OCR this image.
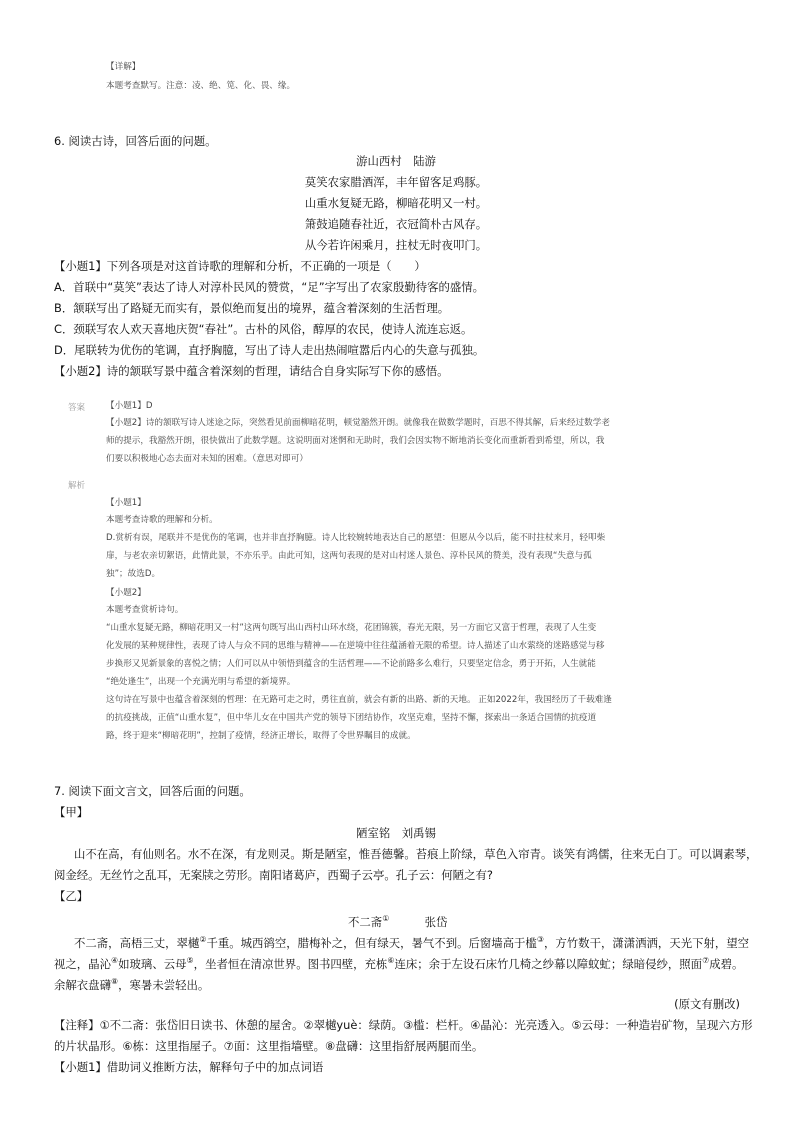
【详解】
本题考查默写。注意：凌、绝、笕、化、畏、缘。
6. 阅读古诗，回答后面的问题。
游山西村　陆游
莫笑农家腊酒浑，丰年留客足鸡豚。
山重水复疑无路，柳暗花明又一村。
箫鼓追随春社近，衣冠简朴古风存。
从今若许闲乘月，拄杖无时夜叩门。
【小题1】下列各项是对这首诗歌的理解和分析，不正确的一项是（　　）
A．首联中“莫笑”表达了诗人对淳朴民风的赞赏，“足”字写出了农家殷勤待客的盛情。
B．颔联写出了路疑无而实有，景似绝而复出的境界，蕴含着深刻的生活哲理。
C．颈联写农人欢天喜地庆贺“春社”。古朴的风俗，醇厚的农民，使诗人流连忘返。
D．尾联转为优伤的笔调，直抒胸臆，写出了诗人走出热闹喧嚣后内心的失意与孤独。
【小题2】诗的颔联写景中蕴含着深刻的哲理，请结合自身实际写下你的感悟。
答案 【小题1】D
【小题2】诗的颔联写诗人迷途之际，突然看见前面柳暗花明，顿觉豁然开朗。就像我在做数学题时，百思不得其解，后来经过数学老
师的提示，我豁然开朗，很快做出了此数学题。这说明面对迷惘和无助时，我们会因实物不断地消长变化而重新看到希望，所以，我
们要以积极地心态去面对未知的困难。（意思对即可）
解析
【小题1】
本题考查诗歌的理解和分析。
D.赏析有误，尾联并不是优伤的笔调，也并非直抒胸臆。诗人比较婉转地表达自己的愿望：但愿从今以后，能不时拄杖来月，轻叩柴
扉，与老农亲切絮语，此情此景，不亦乐乎。由此可知，这两句表现的是对山村迷人景色、淳朴民风的赞美，没有表现“失意与孤
独”；故选D。
【小题2】
本题考查赏析诗句。
“山重水复疑无路，柳暗花明又一村”这两句既写出山西村山环水绕，花团锦簇，春光无限，另一方面它又富于哲理，表现了人生变
化发展的某种规律性，表现了诗人与众不同的思维与精神——在逆境中往往蕴涵着无限的希望。诗人描述了山水萦绕的迷路感觉与移
步换形又见新景象的喜悦之情；人们可以从中领悟到蕴含的生活哲理——不论前路多么难行，只要坚定信念，勇于开拓，人生就能
“绝处逢生”，出现一个充满光明与希望的新境界。
这句诗在写景中也蕴含着深刻的哲理：在无路可走之时，勇往直前，就会有新的出路、新的天地。 正如2022年，我国经历了千载难逢
的抗疫挑战，正值“山重水复”，但中华儿女在中国共产党的领导下团结协作，攻坚克难，坚持不懈，探索出一条适合国情的抗疫道
路，终于迎来“柳暗花明”，控制了疫情，经济正增长，取得了令世界瞩目的成就。
7. 阅读下面文言文，回答后面的问题。
【甲】
陋室铭　刘禹锡
山不在高，有仙则名。水不在深，有龙则灵。斯是陋室，惟吾德馨。苔痕上阶绿，草色入帘青。谈笑有鸿儒，往来无白丁。可以调素琴，
阅金经。无丝竹之乱耳，无案牍之劳形。南阳诸葛庐，西蜀子云亭。孔子云：何陋之有?
【乙】
不二斋①	张岱
不二斋，高梧三丈，翠樾②千重。城西鹆空，腊梅补之，但有绿天，暑气不到。后窗墙高于槛③，方竹数干，潇潇洒洒，天光下射，望空
视之，晶沁④如玻璃、云母⑤，坐者恒在清凉世界。图书四壁，充栋⑥连床；余于左设石床竹几椅之纱幕以障蚊虻；绿暗侵纱，照面⑦成碧。
余解衣盘礴⑧，寒暑未尝轻出。
(原文有删改)
【注释】①不二斋：张岱旧日读书、休憩的屋舍。②翠樾yuè：绿荫。③槛：栏杆。④晶沁：光亮透入。⑤云母：一种造岩矿物，呈现六方形
的片状晶形。⑥栋：这里指屋子。⑦面：这里指墙壁。⑧盘礴：这里指舒展两腿而坐。
【小题1】借助词义推断方法，解释句子中的加点词语
